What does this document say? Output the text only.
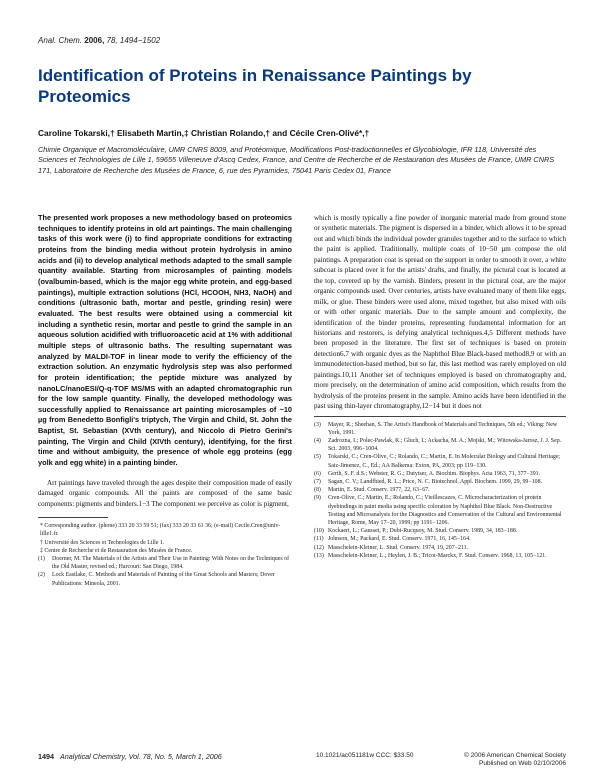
Anal. Chem. 2006, 78, 1494−1502
Identification of Proteins in Renaissance Paintings by Proteomics
Caroline Tokarski,† Elisabeth Martin,‡ Christian Rolando,† and Cécile Cren-Olivé*,†
Chimie Organique et Macromoléculaire, UMR CNRS 8009, and Protéomique, Modifications Post-traductionnelles et Glycobiologie, IFR 118, Université des Sciences et Technologies de Lille 1, 59655 Villeneuve d'Ascq Cedex, France, and Centre de Recherche et de Restauration des Musées de France, UMR CNRS 171, Laboratoire de Recherche des Musées de France, 6, rue des Pyramides, 75041 Paris Cedex 01, France

The presented work proposes a new methodology based on proteomics techniques to identify proteins in old art paintings. The main challenging tasks of this work were (i) to find appropriate conditions for extracting proteins from the binding media without protein hydrolysis in amino acids and (ii) to develop analytical methods adapted to the small sample quantity available. Starting from microsamples of painting models (ovalbumin-based, which is the major egg white protein, and egg-based paintings), multiple extraction solutions (HCl, HCOOH, NH3, NaOH) and conditions (ultrasonic bath, mortar and pestle, grinding resin) were evaluated. The best results were obtained using a commercial kit including a synthetic resin, mortar and pestle to grind the sample in an aqueous solution acidified with trifluoroacetic acid at 1% with additional multiple steps of ultrasonic baths. The resulting supernatant was analyzed by MALDI-TOF in linear mode to verify the efficiency of the extraction solution. An enzymatic hydrolysis step was also performed for protein identification; the peptide mixture was analyzed by nanoLC/nanoESI/Q-q-TOF MS/MS with an adapted chromatographic run for the low sample quantity. Finally, the developed methodology was successfully applied to Renaissance art painting microsamples of ~10 µg from Benedetto Bonfigli's triptych, The Virgin and Child, St. John the Baptist, St. Sebastian (XVth century), and Niccolo di Pietro Gerini's painting, The Virgin and Child (XIVth century), identifying, for the first time and without ambiguity, the presence of whole egg proteins (egg yolk and egg white) in a painting binder.

Art paintings have traveled through the ages despite their composition made of easily damaged organic compounds. All the paints are composed of the same basic components: pigments and binders.1−3 The component we perceive as color is pigment,

* Corresponding author. (phone) 333 20 33 59 51; (fax) 333 20 33 61 36; (e-mail) Cecile.Cren@univ-lille1.fr.
† Université des Sciences et Technologies de Lille 1.
‡ Centre de Recherche et de Restauration des Musées de France.
(1) Doerner, M. The Materials of the Artists and Their Use in Painting: With Notes on the Techniques of the Old Master, revised ed.; Harcourt: San Diego, 1984.
(2) Lock Eastlake, C. Methods and Materials of Painting of the Great Schools and Masters; Dover Publications: Mineola, 2001.

which is mostly typically a fine powder of inorganic material made from ground stone or synthetic materials. The pigment is dispersed in a binder, which allows it to be spread out and which binds the individual powder granules together and to the surface to which the paint is applied. Traditionally, multiple coats of 10−50 µm compose the old paintings. A preparation coat is spread on the support in order to smooth it over, a white subcoat is placed over it for the artists' drafts, and finally, the pictural coat is located at the top, covered up by the varnish. Binders, present in the pictural coat, are the major organic compounds used. Over centuries, artists have evaluated many of them like eggs, milk, or glue. These binders were used alone, mixed together, but also mixed with oils or with other organic materials. Due to the sample amount and complexity, the identification of the binder proteins, representing fundamental information for art historians and restorers, is defying analytical techniques.4,5 Different methods have been proposed in the literature. The first set of techniques is based on protein detection6,7 with organic dyes as the Naphthol Blue Black-based method8,9 or with an immunodetection-based method, but so far, this last method was rarely employed on old paintings.10,11 Another set of techniques employed is based on chromatography and, more precisely, on the determination of amino acid composition, which results from the hydrolysis of the proteins present in the sample. Amino acids have been identified in the past using thin-layer chromatography,12−14 but it does not

(3) Mayer, R.; Sheehan, S. The Artist's Handbook of Materials and Techniques, 5th ed.; Viking: New York, 1991.
(4) Zadrozna, I.; Polec-Pawlak, K.; Gluch, I.; Ackacha, M. A.; Mojski, M.; Witowska-Jarosz, J. J. Sep. Sci. 2003, 996−1004.
(5) Tokarski, C.; Cren-Olive, C.; Rolando, C.; Martin, E. In Molecular Biology and Cultural Heritage; Saiz-Jimenez, C., Ed.; AA Balkema: Exton, PA, 2003; pp 119−130.
(6) Gerth, S. F. d.S.; Webster, R. G.; Dutytser, A. Biochim. Biophys. Acta 1963, 71, 377−391.
(7) Sagan, C. V.; Landfhied, R. L.; Price, N. C. Biotechnol. Appl. Biochem. 1999, 29, 99−108.
(8) Martin, E. Stud. Conserv. 1977, 22, 63−67.
(9) Cren-Olive, C.; Martin, E.; Rolando, C.; Vieillescazes, C. Microcharacterization of protein dyebindings in paint media using specific coloration by Naphthol Blue Black. Non-Destructive Testing and Microanalysis for the Diagnostics and Conservation of the Cultural and Environmental Heritage, Rome, May 17−20, 1999; pp 1191−1206.
(10) Kockaert, L.; Gausset, P.; Dubi-Rucquoy, M. Stud. Conserv. 1989, 34, 183−188.
(11) Johnson, M.; Packard, E. Stud. Conserv. 1971, 16, 145−164.
(12) Masschelein-Kleiner, L. Stud. Conserv. 1974, 19, 207−211.
(13) Masschelein-Kleiner, L.; Heylen, J. B.; Tricot-Marckx, F. Stud. Conserv. 1968, 13, 105−121.
1494 Analytical Chemistry, Vol. 78, No. 5, March 1, 2006	10.1021/ac051181w CCC: $33.50	© 2006 American Chemical Society
Published on Web 02/10/2006
